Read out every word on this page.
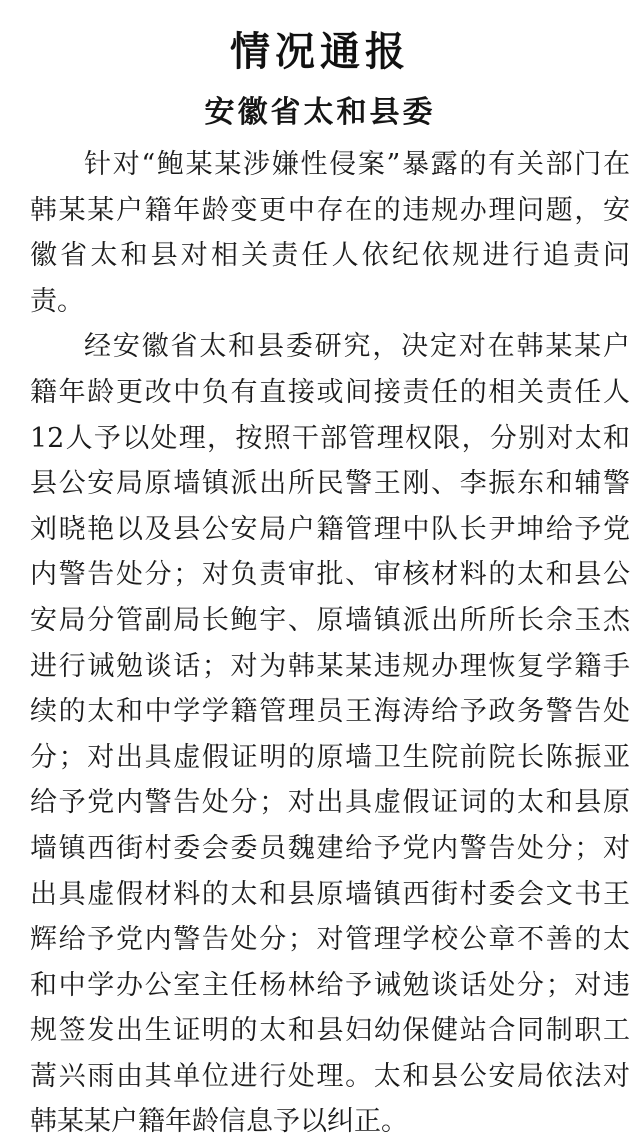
情况通报
安徽省太和县委
针对“鲍某某涉嫌性侵案”暴露的有关部门在
韩某某户籍年龄变更中存在的违规办理问题，安
徽省太和县对相关责任人依纪依规进行追责问
责。
经安徽省太和县委研究，决定对在韩某某户
籍年龄更改中负有直接或间接责任的相关责任人
12人予以处理，按照干部管理权限，分别对太和
县公安局原墙镇派出所民警王刚、李振东和辅警
刘晓艳以及县公安局户籍管理中队长尹坤给予党
内警告处分；对负责审批、审核材料的太和县公
安局分管副局长鲍宇、原墙镇派出所所长佘玉杰
进行诫勉谈话；对为韩某某违规办理恢复学籍手
续的太和中学学籍管理员王海涛给予政务警告处
分；对出具虚假证明的原墙卫生院前院长陈振亚
给予党内警告处分；对出具虚假证词的太和县原
墙镇西街村委会委员魏建给予党内警告处分；对
出具虚假材料的太和县原墙镇西街村委会文书王
辉给予党内警告处分；对管理学校公章不善的太
和中学办公室主任杨林给予诫勉谈话处分；对违
规签发出生证明的太和县妇幼保健站合同制职工
蒿兴雨由其单位进行处理。太和县公安局依法对
韩某某户籍年龄信息予以纠正。
